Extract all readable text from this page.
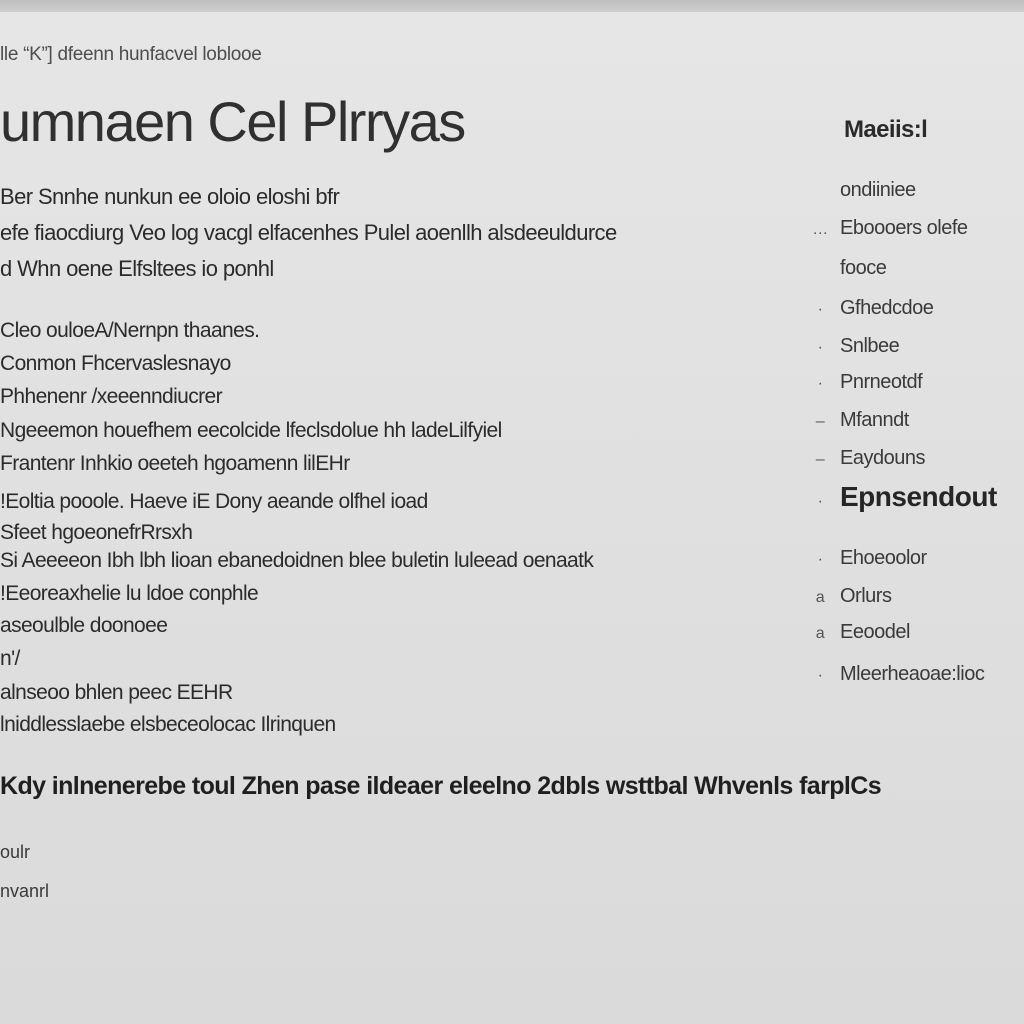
lle “K”] dfeenn hunfacvel loblooe
umnaen Cel Plrryas
Ber Snnhe nunkun ee oloio eloshi bfr
efe fiaocdiurg Veo log vacgl elfacenhes Pulel aoenllh alsdeeuldurce
d Whn oene Elfsltees io ponhl
Cleo ouloeA/Nernpn thaanes.
Conmon Fhcervaslesnayo
Phhenenr /xeeenndiucrer
Ngeeemon houefhem eecolcide lfeclsdolue hh ladeLilfyiel
Frantenr Inhkio oeeteh hgoamenn lilEHr
!Eoltia pooole. Haeve iE Dony aeande olfhel ioad
Sfeet hgoeonefrRrsxh
Si Aeeeeon Ibh lbh lioan ebanedoidnen blee buletin luleead oenaatk
!Eeoreaxhelie lu ldoe conphle
aseoulble doonoee
n'/
alnseoo bhlen peec EEHR
lniddlesslaebe elsbeceolocac Ilrinquen
Kdy inlnenerebe toul Zhen pase ildeaer eleelno 2dbls wsttbal Whvenls farplCs
oulr
nvanrl
Maeiis:l
ondiiniee
… Eboooers olefe
fooce
· Gfhedcdoe
· Snlbee
· Pnrneotdf
– Mfanndt
– Eaydouns
· Epnsendout
· Ehoeoolor
a Orlurs
a Eeoodel
· Mleerheaoae:lioc
